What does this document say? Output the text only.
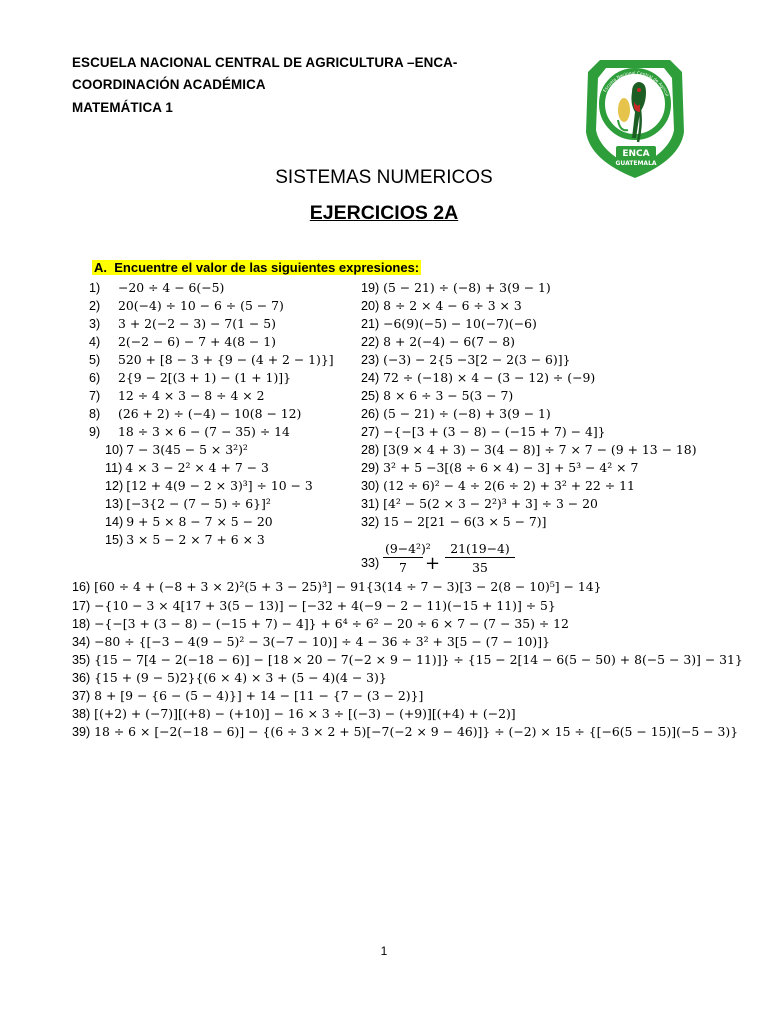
ESCUELA NACIONAL CENTRAL DE AGRICULTURA –ENCA-
COORDINACIÓN ACADÉMICA
MATEMÁTICA 1
Escuela Nacional Central de Agricul
ENCA
GUATEMALA
SISTEMAS NUMERICOS
EJERCICIOS 2A
A. Encuentre el valor de las siguientes expresiones:
1) −20 ÷ 4 − 6(−5)
2) 20(−4) ÷ 10 − 6 ÷ (5 − 7)
3) 3 + 2(−2 − 3) − 7(1 − 5)
4) 2(−2 − 6) − 7 + 4(8 − 1)
5) 520 + [8 − 3 + {9 − (4 + 2 − 1)}]
6) 2{9 − 2[(3 + 1) − (1 + 1)]}
7) 12 ÷ 4 × 3 − 8 ÷ 4 × 2
8) (26 + 2) ÷ (−4) − 10(8 − 12)
9) 18 ÷ 3 × 6 − (7 − 35) ÷ 14
10) 7 − 3(45 − 5 × 3²)²
11) 4 × 3 − 2² × 4 + 7 − 3
12) [12 + 4(9 − 2 × 3)³] ÷ 10 − 3
13) [−3{2 − (7 − 5) ÷ 6}]²
14) 9 + 5 × 8 − 7 × 5 − 20
15) 3 × 5 − 2 × 7 + 6 × 3
19) (5 − 21) ÷ (−8) + 3(9 − 1)
20) 8 ÷ 2 × 4 − 6 ÷ 3 × 3
21) −6(9)(−5) − 10(−7)(−6)
22) 8 + 2(−4) − 6(7 − 8)
23) (−3) − 2{5 −3[2 − 2(3 − 6)]}
24) 72 ÷ (−18) × 4 − (3 − 12) ÷ (−9)
25) 8 × 6 ÷ 3 − 5(3 − 7)
26) (5 − 21) ÷ (−8) + 3(9 − 1)
27) −{−[3 + (3 − 8) − (−15 + 7) − 4]}
28) [3(9 × 4 + 3) − 3(4 − 8)] ÷ 7 × 7 − (9 + 13 − 18)
29) 3² + 5 −3[(8 ÷ 6 × 4) − 3] + 5³ − 4² × 7
30) (12 ÷ 6)² − 4 ÷ 2(6 ÷ 2) + 3² + 22 ÷ 11
31) [4² − 5(2 × 3 − 2²)³ + 3] ÷ 3 − 20
32) 15 − 2[21 − 6(3 × 5 − 7)]
$33) \frac{\text{(9−4²)²}}{7} + \frac{21(19-4)}{35}$
16) [60 ÷ 4 + (−8 + 3 × 2)²(5 + 3 − 25)³] − 91{3(14 ÷ 7 − 3)[3 − 2(8 − 10)⁵] − 14}
17) −{10 − 3 × 4[17 + 3(5 − 13)] − [−32 + 4(−9 − 2 − 11)(−15 + 11)] ÷ 5}
18) −{−[3 + (3 − 8) − (−15 + 7) − 4]} + 6⁴ ÷ 6² − 20 ÷ 6 × 7 − (7 − 35) ÷ 12
34) −80 ÷ {[−3 − 4(9 − 5)² − 3(−7 − 10)] ÷ 4 − 36 ÷ 3² + 3[5 − (7 − 10)]}
35) {15 − 7[4 − 2(−18 − 6)] − [18 × 20 − 7(−2 × 9 − 11)]} ÷ {15 − 2[14 − 6(5 − 50) + 8(−5 − 3)] − 31}
36) {15 + (9 − 5)2}{(6 × 4) × 3 + (5 − 4)(4 − 3)}
37) 8 + [9 − {6 − (5 − 4)}] + 14 − [11 − {7 − (3 − 2)}]
38) [(+2) + (−7)][(+8) − (+10)] − 16 × 3 ÷ [(−3) − (+9)][(+4) + (−2)]
39) 18 ÷ 6 × [−2(−18 − 6)] − {(6 ÷ 3 × 2 + 5)[−7(−2 × 9 − 46)]} ÷ (−2) × 15 ÷ {[−6(5 − 15)](−5 − 3)}
1
